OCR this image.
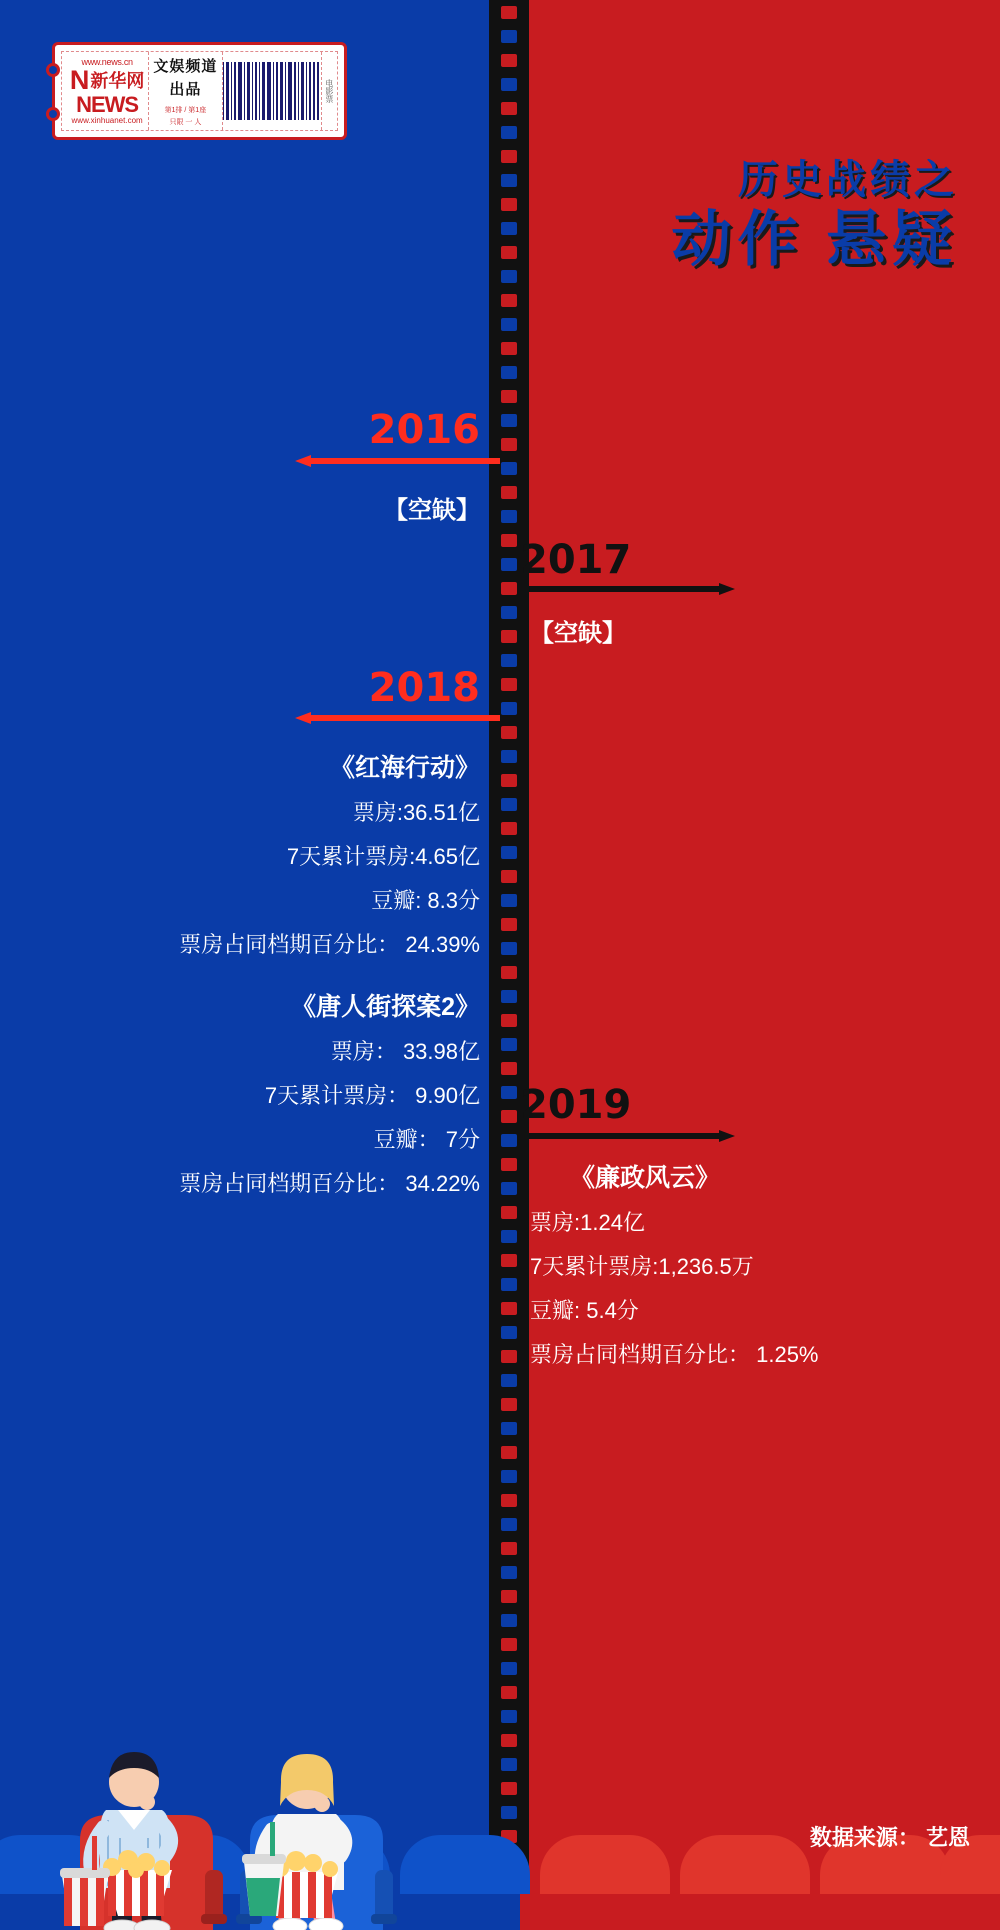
www.news.cn
N 新华网
NEWS
www.xinhuanet.com
文娱频道
出品
第1排 / 第1座
只限 一 人
电影票
历史战绩之
动作 悬疑
2016
【空缺】
2017
【空缺】
2018
《红海行动》
票房:36.51亿
7天累计票房:4.65亿
豆瓣: 8.3分
票房占同档期百分比： 24.39%
《唐人街探案2》
票房： 33.98亿
7天累计票房： 9.90亿
豆瓣： 7分
票房占同档期百分比： 34.22%
2019
《廉政风云》
票房:1.24亿
7天累计票房:1,236.5万
豆瓣: 5.4分
票房占同档期百分比： 1.25%
数据来源： 艺恩
